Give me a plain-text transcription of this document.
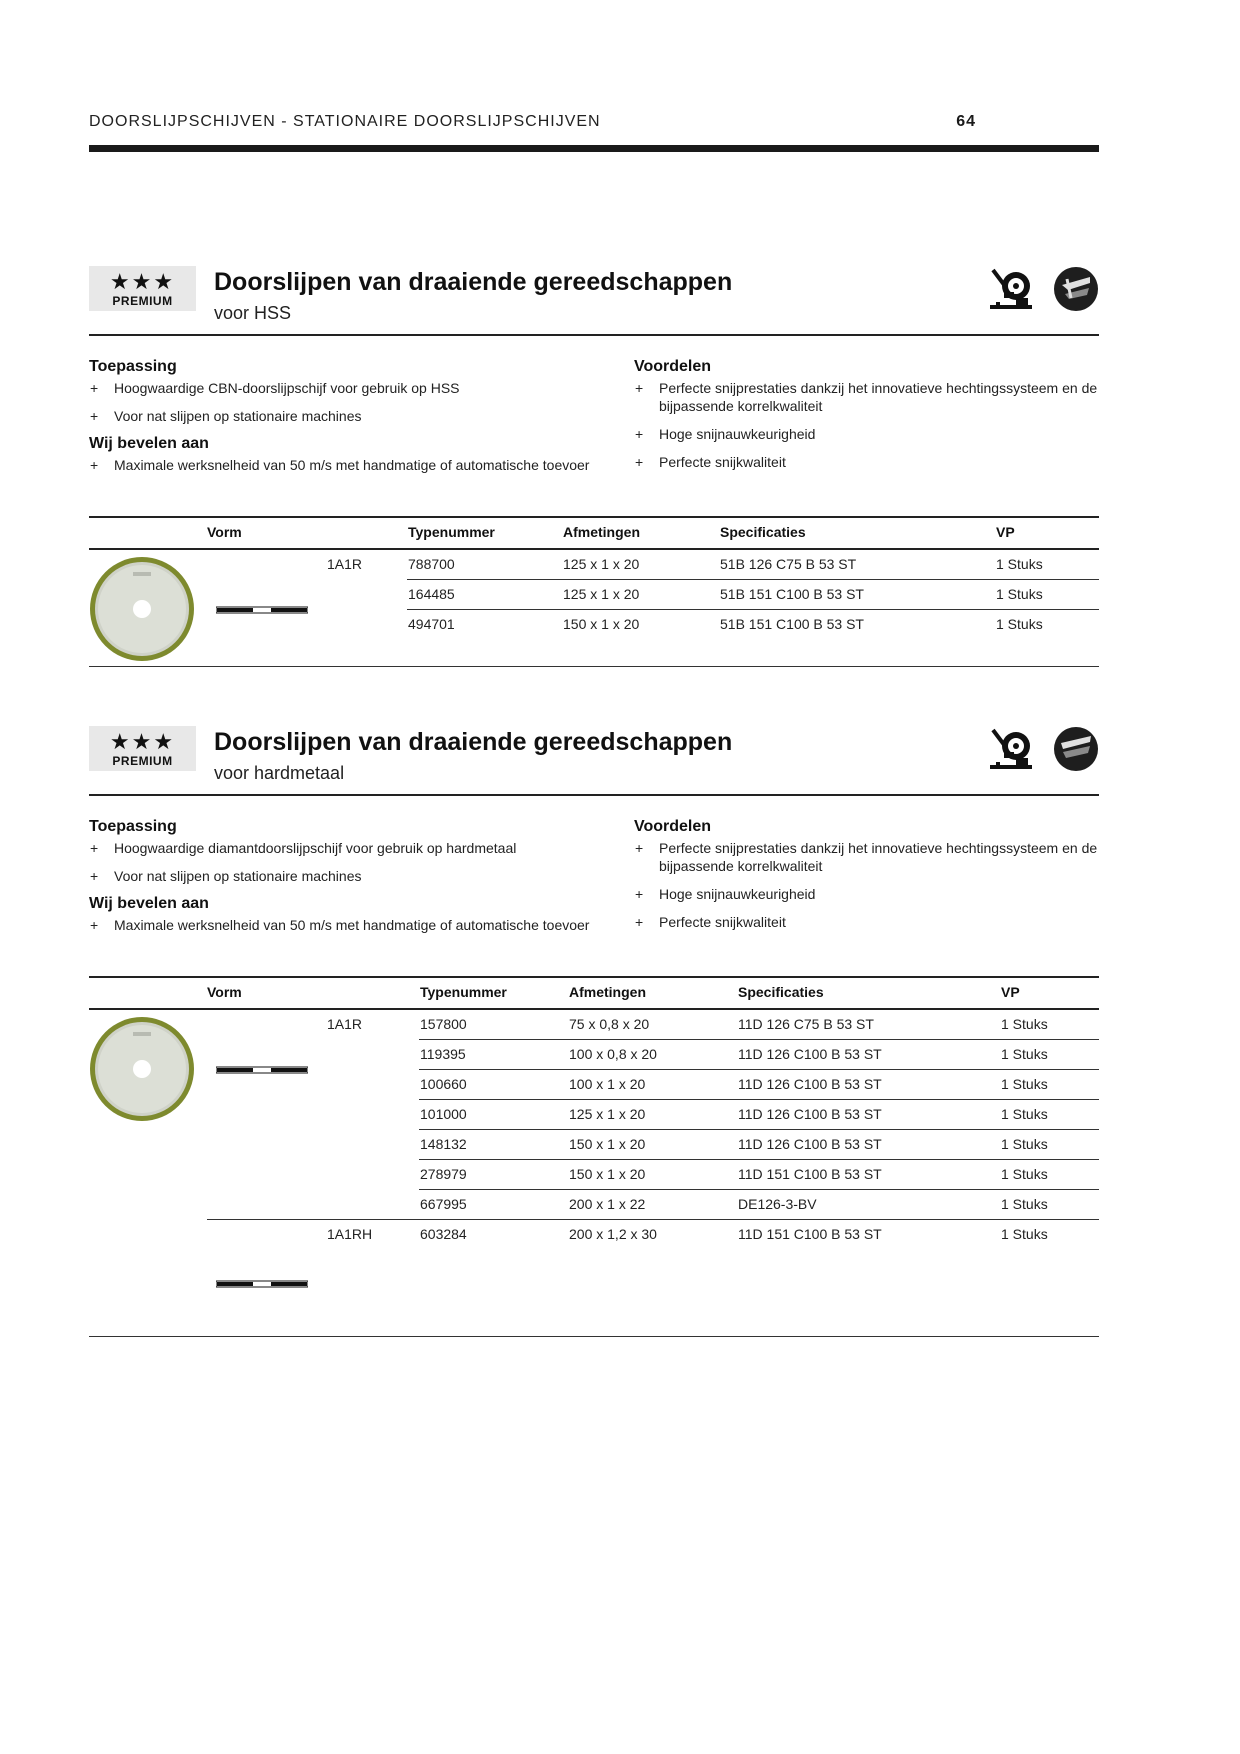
DOORSLIJPSCHIJVEN - STATIONAIRE DOORSLIJPSCHIJVEN	64
★★★
PREMIUM
Doorslijpen van draaiende gereedschappen
voor HSS
Toepassing
+ Hoogwaardige CBN-doorslijpschijf voor gebruik op HSS
+ Voor nat slijpen op stationaire machines
Wij bevelen aan
+ Maximale werksnelheid van 50 m/s met handmatige of automatische toevoer
Voordelen
+ Perfecte snijprestaties dankzij het innovatieve hechtingssysteem en de bijpassende korrelkwaliteit
+ Hoge snijnauwkeurigheid
+ Perfecte snijkwaliteit
Vorm	Typenummer	Afmetingen	Specificaties	VP
1A1R	788700	125 x 1 x 20	51B 126 C75 B 53 ST	1 Stuks
164485	125 x 1 x 20	51B 151 C100 B 53 ST	1 Stuks
494701	150 x 1 x 20	51B 151 C100 B 53 ST	1 Stuks
★★★
PREMIUM
Doorslijpen van draaiende gereedschappen
voor hardmetaal
Toepassing
+ Hoogwaardige diamantdoorslijpschijf voor gebruik op hardmetaal
+ Voor nat slijpen op stationaire machines
Wij bevelen aan
+ Maximale werksnelheid van 50 m/s met handmatige of automatische toevoer
Voordelen
+ Perfecte snijprestaties dankzij het innovatieve hechtingssysteem en de bijpassende korrelkwaliteit
+ Hoge snijnauwkeurigheid
+ Perfecte snijkwaliteit
Vorm	Typenummer	Afmetingen	Specificaties	VP
1A1R	157800	75 x 0,8 x 20	11D 126 C75 B 53 ST	1 Stuks
119395	100 x 0,8 x 20	11D 126 C100 B 53 ST	1 Stuks
100660	100 x 1 x 20	11D 126 C100 B 53 ST	1 Stuks
101000	125 x 1 x 20	11D 126 C100 B 53 ST	1 Stuks
148132	150 x 1 x 20	11D 126 C100 B 53 ST	1 Stuks
278979	150 x 1 x 20	11D 151 C100 B 53 ST	1 Stuks
667995	200 x 1 x 22	DE126-3-BV	1 Stuks
1A1RH	603284	200 x 1,2 x 30	11D 151 C100 B 53 ST	1 Stuks
